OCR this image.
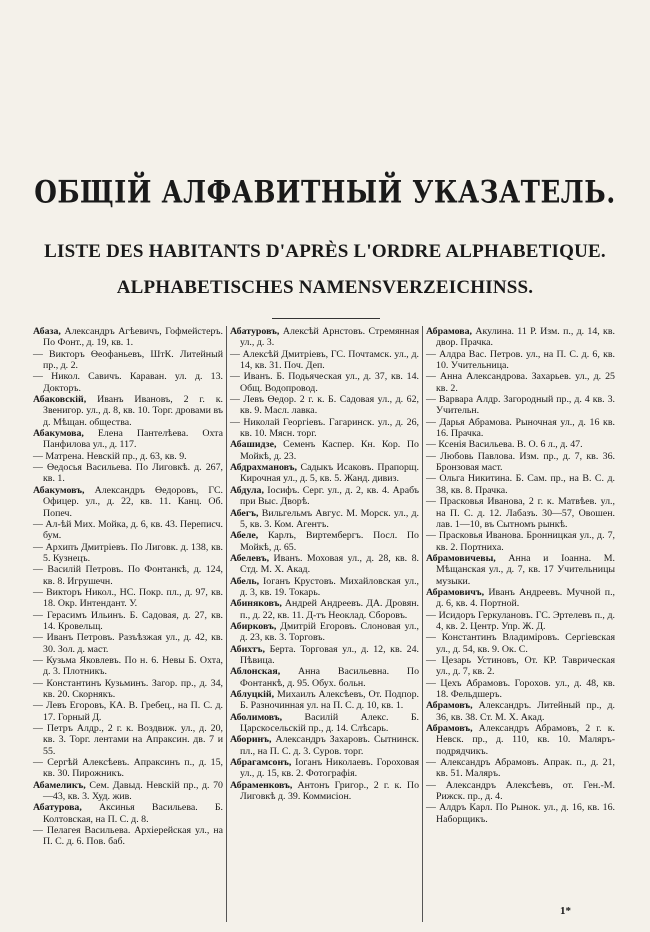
ОБЩІЙ АЛФАВИТНЫЙ УКАЗАТЕЛЬ.
LISTE DES HABITANTS D'APRÈS L'ORDRE ALPHABETIQUE.
ALPHABETISCHES NAMENSVERZEICHINSS.
Абаза, Александръ Агѣевичъ, Гофмейстеръ. По Фонт., д. 19, кв. 1.
— Викторъ Ѳеофаньевъ, ШтК. Литейный пр., д. 2.
— Никол. Савичъ. Караван. ул. д. 13. Докторъ.
Абаковскій, Иванъ Ивановъ, 2 г. к. Звенигор. ул., д. 8, кв. 10. Торг. дровами въ д. Мѣщан. общества.
Абакумова, Елена Пантелѣева. Охта Панфилова ул., д. 117.
— Матрена. Невскій пр., д. 63, кв. 9.
— Ѳедосья Васильева. По Лиговкѣ. д. 267, кв. 1.
Абакумовъ, Александръ Ѳедоровъ, ГС. Офицер. ул., д. 22, кв. 11. Канц. Об. Попеч.
— Ал-ѣй Мих. Мойка, д. 6, кв. 43. Переписч. бум.
— Архипъ Дмитріевъ. По Лиговк. д. 138, кв. 5. Кузнецъ.
— Василій Петровъ. По Фонтанкѣ, д. 124, кв. 8. Игрушечн.
— Викторъ Никол., НС. Покр. пл., д. 97, кв. 18. Окр. Интендант. У.
— Герасимъ Ильинъ. Б. Садовая, д. 27, кв. 14. Кровельщ.
— Иванъ Петровъ. Разъѣзжая ул., д. 42, кв. 30. Зол. д. маст.
— Кузьма Яковлевъ. По н. 6. Невы Б. Охта, д. 3. Плотникъ.
— Константинъ Кузьминъ. Загор. пр., д. 34, кв. 20. Скорнякъ.
— Левъ Егоровъ, КА. В. Гребец., на П. С. д. 17. Горный Д.
— Петръ Алдр., 2 г. к. Воздвиж. ул., д. 20, кв. 3. Торг. лентами на Апраксин. дв. 7 и 55.
— Сергѣй Алексѣевъ. Апраксинъ п., д. 15, кв. 30. Пирожникъ.
Абамеликъ, Сем. Давыд. Невскій пр., д. 70—43, кв. 3. Худ. жив.
Абатурова, Аксинья Васильева. Б. Колтовская, на П. С. д. 8.
— Пелагея Васильева. Архіерейская ул., на П. С. д. 6. Пов. баб.
Абатуровъ, Алексѣй Арнстовъ. Стремянная ул., д. 3.
— Алексѣй Дмитріевъ, ГС. Почтамск. ул., д. 14, кв. 31. Поч. Деп.
— Иванъ. Б. Подьяческая ул., д. 37, кв. 14. Общ. Водопровод.
— Левъ Ѳедор. 2 г. к. Б. Садовая ул., д. 62, кв. 9. Масл. лавка.
— Николай Георгіевъ. Гагаринск. ул., д. 26, кв. 10. Мясн. торг.
Абашидзе, Семенъ Каспер. Кн. Кор. По Мойкѣ, д. 23.
Абдрахмановъ, Садыкъ Исаковъ. Прапорщ. Кирочная ул., д. 5, кв. 5. Жанд. дивиз.
Абдула, Іосифъ. Серг. ул., д. 2, кв. 4. Арабъ при Выс. Дворѣ.
Абегъ, Вильгельмъ Авгус. М. Морск. ул., д. 5, кв. 3. Ком. Агентъ.
Абеле, Карлъ, Виртембергъ. Посл. По Мойкѣ, д. 65.
Абелевъ, Иванъ. Моховая ул., д. 28, кв. 8. Стд. М. Х. Акад.
Абель, Іоганъ Крустовъ. Михайловская ул., д. 3, кв. 19. Токарь.
Абиняковъ, Андрей Андреевъ. ДА. Дровян. п., д. 22, кв. 11. Д-тъ Неоклад. Сборовъ.
Абирковъ, Дмитрій Егоровъ. Слоновая ул., д. 23, кв. 3. Торговъ.
Абихтъ, Берта. Торговая ул., д. 12, кв. 24. Пѣвица.
Аблонская, Анна Васильевна. По Фонтанкѣ, д. 95. Обух. больн.
Аблуцкій, Михаилъ Алексѣевъ, От. Подпор. Б. Разночинная ул. на П. С. д. 10, кв. 1.
Аболимовъ, Василій Алекс. Б. Царскосельскій пр., д. 14. Слѣсарь.
Аборинъ, Александръ Захаровъ. Сытнинск. пл., на П. С. д. 3. Суров. торг.
Абрагамсонъ, Іоганъ Николаевъ. Гороховая ул., д. 15, кв. 2. Фотографія.
Абраменковъ, Антонъ Григор., 2 г. к. По Лиговкѣ д. 39. Коммисіон.
Абрамова, Акулина. 11 Р. Изм. п., д. 14, кв. двор. Прачка.
— Алдра Вас. Петров. ул., на П. С. д. 6, кв. 10. Учительница.
— Анна Александрова. Захарьев. ул., д. 25 кв. 2.
— Варвара Алдр. Загородный пр., д. 4 кв. 3. Учительн.
— Дарья Абрамова. Рыночная ул., д. 16 кв. 16. Прачка.
— Ксенія Васильева. В. О. 6 л., д. 47.
— Любовь Павлова. Изм. пр., д. 7, кв. 36. Бронзовая маст.
— Ольга Никитина. Б. Сам. пр., на В. С. д. 38, кв. 8. Прачка.
— Прасковья Иванова, 2 г. к. Матвѣев. ул., на П. С. д. 12. Лабазъ. 30—57, Овошен. лав. 1—10, въ Сытномъ рынкѣ.
— Прасковья Иванова. Бронницкая ул., д. 7, кв. 2. Портниха.
Абрамовичевы, Анна и Іоанна. М. Мѣщанская ул., д. 7, кв. 17 Учительницы музыки.
Абрамовичъ, Иванъ Андреевъ. Мучной п., д. 6, кв. 4. Портной.
— Исидоръ Геркулановъ. ГС. Эртелевъ п., д. 4, кв. 2. Центр. Упр. Ж. Д.
— Константинъ Владиміровъ. Сергіевская ул., д. 54, кв. 9. Ок. С.
— Цезарь Устиновъ, От. КР. Таврическая ул., д. 7, кв. 2.
— Цехъ Абрамовъ. Горохов. ул., д. 48, кв. 18. Фельдшеръ.
Абрамовъ, Александръ. Литейный пр., д. 36, кв. 38. Ст. М. Х. Акад.
Абрамовъ, Александръ Абрамовъ, 2 г. к. Невск. пр., д. 110, кв. 10. Маляръ-подрядчикъ.
— Александръ Абрамовъ. Апрак. п., д. 21, кв. 51. Маляръ.
— Александръ Алексѣевъ, от. Ген.-М. Рижск. пр., д. 4.
— Алдръ Карл. По Рынок. ул., д. 16, кв. 16. Наборщикъ.
1*
